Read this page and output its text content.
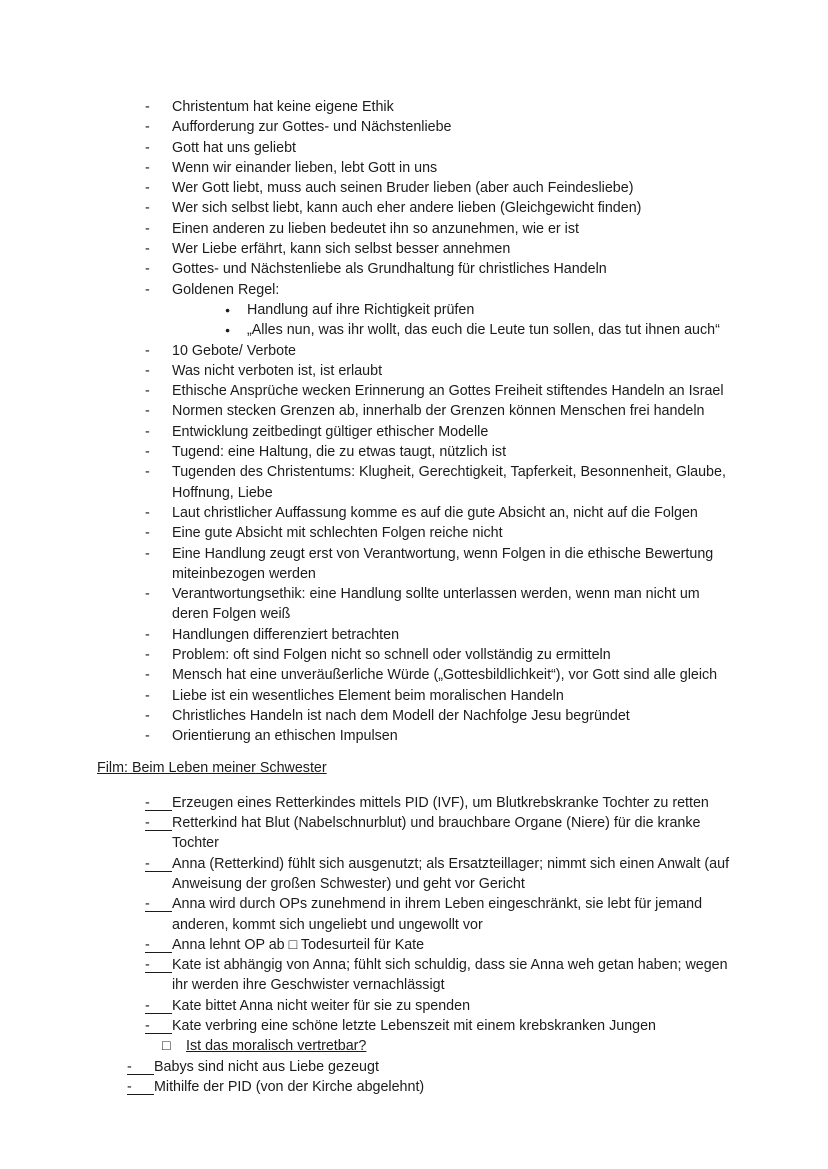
-	Christentum hat keine eigene Ethik
-	Aufforderung zur Gottes- und Nächstenliebe
-	Gott hat uns geliebt
-	Wenn wir einander lieben, lebt Gott in uns
-	Wer Gott liebt, muss auch seinen Bruder lieben (aber auch Feindesliebe)
-	Wer sich selbst liebt, kann auch eher andere lieben (Gleichgewicht finden)
-	Einen anderen zu lieben bedeutet ihn so anzunehmen, wie er ist
-	Wer Liebe erfährt, kann sich selbst besser annehmen
-	Gottes- und Nächstenliebe als Grundhaltung für christliches Handeln
-	Goldenen Regel:
●	Handlung auf ihre Richtigkeit prüfen
●	„Alles nun, was ihr wollt, das euch die Leute tun sollen, das tut ihnen auch“
-	10 Gebote/ Verbote
-	Was nicht verboten ist, ist erlaubt
-	Ethische Ansprüche wecken Erinnerung an Gottes Freiheit stiftendes Handeln an Israel
-	Normen stecken Grenzen ab, innerhalb der Grenzen können Menschen frei handeln
-	Entwicklung zeitbedingt gültiger ethischer Modelle
-	Tugend: eine Haltung, die zu etwas taugt, nützlich ist
-	Tugenden des Christentums: Klugheit, Gerechtigkeit, Tapferkeit, Besonnenheit, Glaube, Hoffnung, Liebe
-	Laut christlicher Auffassung komme es auf die gute Absicht an, nicht auf die Folgen
-	Eine gute Absicht mit schlechten Folgen reiche nicht
-	Eine Handlung zeugt erst von Verantwortung, wenn Folgen in die ethische Bewertung miteinbezogen werden
-	Verantwortungsethik: eine Handlung sollte unterlassen werden, wenn man nicht um deren Folgen weiß
-	Handlungen differenziert betrachten
-	Problem: oft sind Folgen nicht so schnell oder vollständig zu ermitteln
-	Mensch hat eine unveräußerliche Würde („Gottesbildlichkeit“), vor Gott sind alle gleich
-	Liebe ist ein wesentliches Element beim moralischen Handeln
-	Christliches Handeln ist nach dem Modell der Nachfolge Jesu begründet
-	Orientierung an ethischen Impulsen
Film: Beim Leben meiner Schwester
-	Erzeugen eines Retterkindes mittels PID (IVF), um Blutkrebskranke Tochter zu retten
-	Retterkind hat Blut (Nabelschnurblut) und brauchbare Organe (Niere) für die kranke Tochter
-	Anna (Retterkind) fühlt sich ausgenutzt; als Ersatzteillager; nimmt sich einen Anwalt (auf Anweisung der großen Schwester) und geht vor Gericht
-	Anna wird durch OPs zunehmend in ihrem Leben eingeschränkt, sie lebt für jemand anderen, kommt sich ungeliebt und ungewollt vor
-	Anna lehnt OP ab □ Todesurteil für Kate
-	Kate ist abhängig von Anna; fühlt sich schuldig, dass sie Anna weh getan haben; wegen ihr werden ihre Geschwister vernachlässigt
-	Kate bittet Anna nicht weiter für sie zu spenden
-	Kate verbring eine schöne letzte Lebenszeit mit einem krebskranken Jungen
□	Ist das moralisch vertretbar?
-	Babys sind nicht aus Liebe gezeugt
-	Mithilfe der PID (von der Kirche abgelehnt)
